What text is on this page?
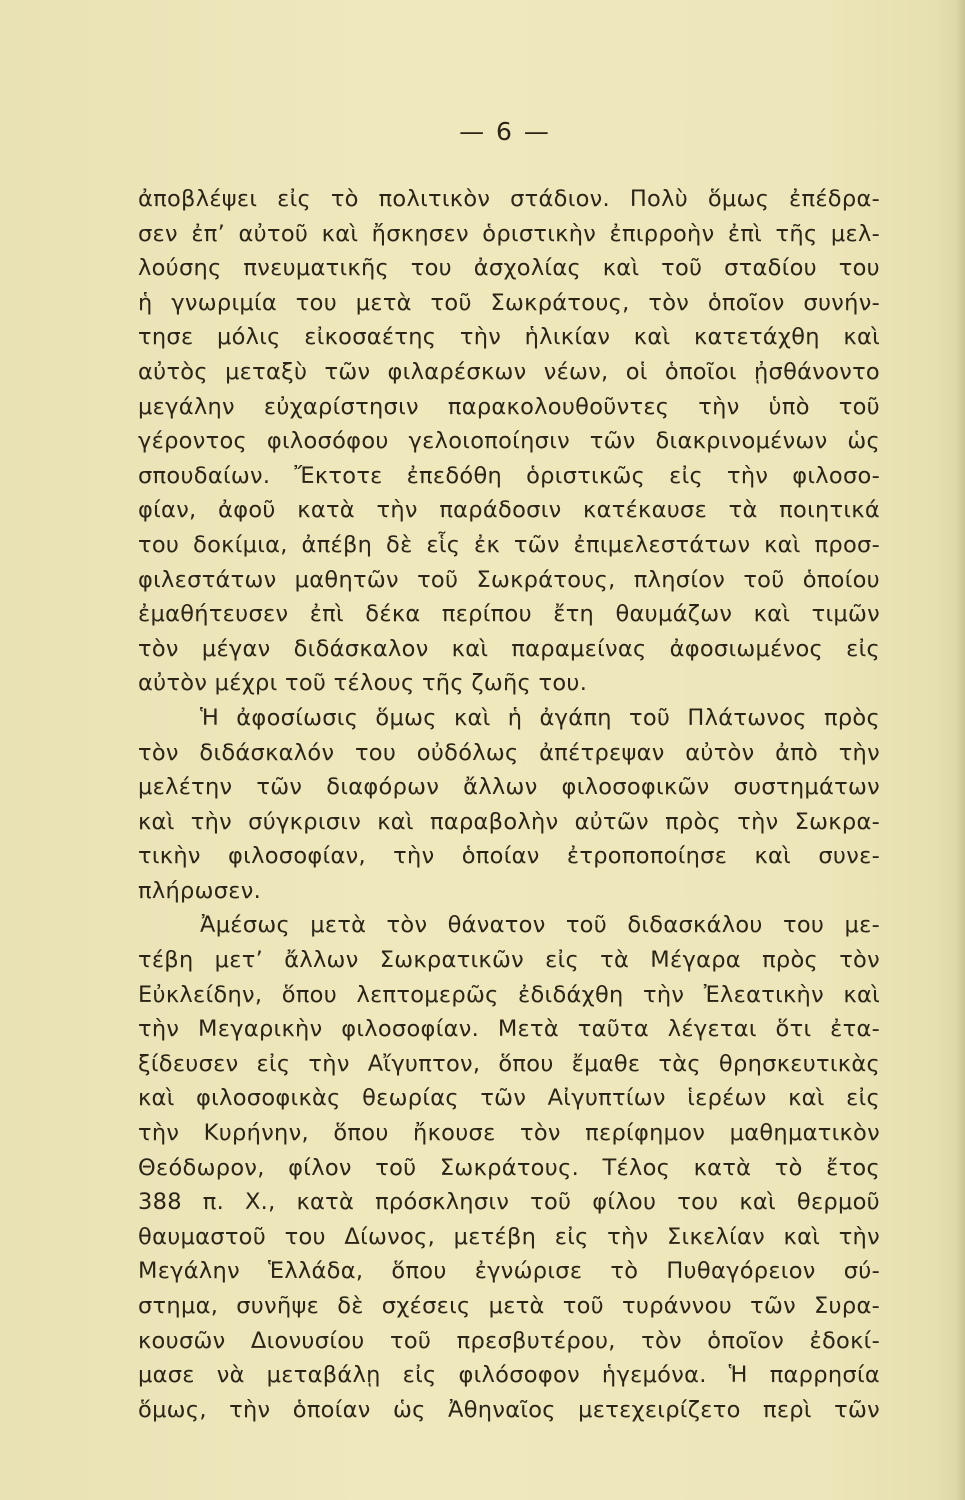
— 6 —
ἀποβλέψει εἰς τὸ πολιτικὸν στάδιον. Πολὺ ὅμως ἐπέδρα-
σεν ἐπ’ αὐτοῦ καὶ ἤσκησεν ὁριστικὴν ἐπιρροὴν ἐπὶ τῆς μελ-
λούσης πνευματικῆς του ἀσχολίας καὶ τοῦ σταδίου του
ἡ γνωριμία του μετὰ τοῦ Σωκράτους, τὸν ὁποῖον συνήν-
τησε μόλις εἰκοσαέτης τὴν ἡλικίαν καὶ κατετάχθη καὶ
αὐτὸς μεταξὺ τῶν φιλαρέσκων νέων, οἱ ὁποῖοι ᾐσθάνοντο
μεγάλην εὐχαρίστησιν παρακολουθοῦντες τὴν ὑπὸ τοῦ
γέροντος φιλοσόφου γελοιοποίησιν τῶν διακρινομένων ὡς
σπουδαίων. Ἔκτοτε ἐπεδόθη ὁριστικῶς εἰς τὴν φιλοσο-
φίαν, ἀφοῦ κατὰ τὴν παράδοσιν κατέκαυσε τὰ ποιητικά
του δοκίμια, ἀπέβη δὲ εἷς ἐκ τῶν ἐπιμελεστάτων καὶ προσ-
φιλεστάτων μαθητῶν τοῦ Σωκράτους, πλησίον τοῦ ὁποίου
ἐμαθήτευσεν ἐπὶ δέκα περίπου ἔτη θαυμάζων καὶ τιμῶν
τὸν μέγαν διδάσκαλον καὶ παραμείνας ἀφοσιωμένος εἰς
αὐτὸν μέχρι τοῦ τέλους τῆς ζωῆς του.
Ἡ ἀφοσίωσις ὅμως καὶ ἡ ἀγάπη τοῦ Πλάτωνος πρὸς
τὸν διδάσκαλόν του οὐδόλως ἀπέτρεψαν αὐτὸν ἀπὸ τὴν
μελέτην τῶν διαφόρων ἄλλων φιλοσοφικῶν συστημάτων
καὶ τὴν σύγκρισιν καὶ παραβολὴν αὐτῶν πρὸς τὴν Σωκρα-
τικὴν φιλοσοφίαν, τὴν ὁποίαν ἐτροποποίησε καὶ συνε-
πλήρωσεν.
Ἀμέσως μετὰ τὸν θάνατον τοῦ διδασκάλου του με-
τέβη μετ’ ἄλλων Σωκρατικῶν εἰς τὰ Μέγαρα πρὸς τὸν
Εὐκλείδην, ὅπου λεπτομερῶς ἐδιδάχθη τὴν Ἐλεατικὴν καὶ
τὴν Μεγαρικὴν φιλοσοφίαν. Μετὰ ταῦτα λέγεται ὅτι ἐτα-
ξίδευσεν εἰς τὴν Αἴγυπτον, ὅπου ἔμαθε τὰς θρησκευτικὰς
καὶ φιλοσοφικὰς θεωρίας τῶν Αἰγυπτίων ἱερέων καὶ εἰς
τὴν Κυρήνην, ὅπου ἤκουσε τὸν περίφημον μαθηματικὸν
Θεόδωρον, φίλον τοῦ Σωκράτους. Τέλος κατὰ τὸ ἔτος
388 π. Χ., κατὰ πρόσκλησιν τοῦ φίλου του καὶ θερμοῦ
θαυμαστοῦ του Δίωνος, μετέβη εἰς τὴν Σικελίαν καὶ τὴν
Μεγάλην Ἑλλάδα, ὅπου ἐγνώρισε τὸ Πυθαγόρειον σύ-
στημα, συνῆψε δὲ σχέσεις μετὰ τοῦ τυράννου τῶν Συρα-
κουσῶν Διονυσίου τοῦ πρεσβυτέρου, τὸν ὁποῖον ἐδοκί-
μασε νὰ μεταβάλῃ εἰς φιλόσοφον ἡγεμόνα. Ἡ παρρησία
ὅμως, τὴν ὁποίαν ὡς Ἀθηναῖος μετεχειρίζετο περὶ τῶν
